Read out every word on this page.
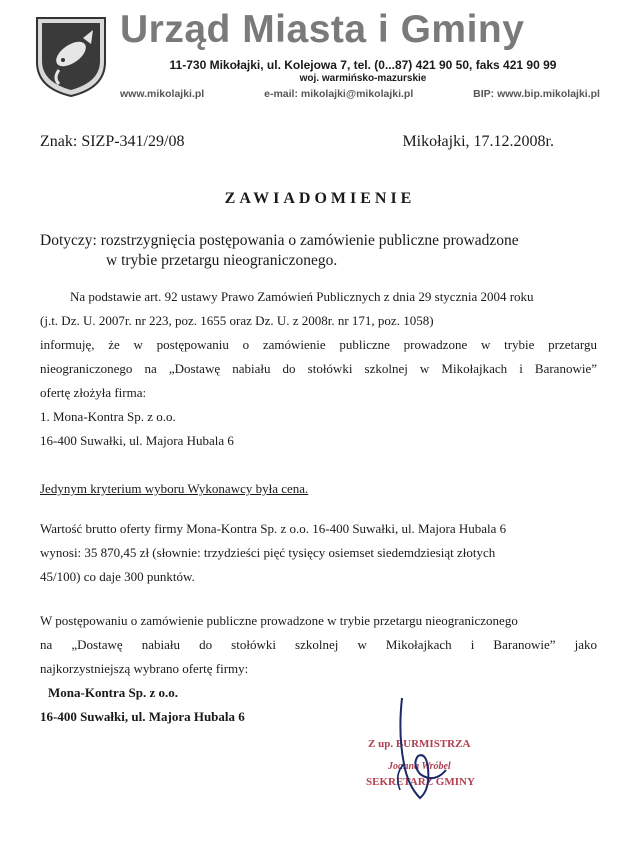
Urząd Miasta i Gminy
11-730 Mikołajki, ul. Kolejowa 7, tel. (0...87) 421 90 50, faks 421 90 99
woj. warmińsko-mazurskie
www.mikolajki.pl	e-mail: mikolajki@mikolajki.pl	BIP: www.bip.mikolajki.pl
Znak: SIZP-341/29/08	Mikołajki, 17.12.2008r.
ZAWIADOMIENIE
Dotyczy: rozstrzygnięcia postępowania o zamówienie publiczne prowadzone
w trybie przetargu nieograniczonego.
Na podstawie art. 92 ustawy Prawo Zamówień Publicznych z dnia 29 stycznia 2004 roku
(j.t. Dz. U. 2007r. nr 223, poz. 1655 oraz Dz. U. z 2008r. nr 171, poz. 1058)
informuję, że w postępowaniu o zamówienie publiczne prowadzone w trybie przetargu
nieograniczonego na „Dostawę nabiału do stołówki szkolnej w Mikołajkach i Baranowie”
ofertę złożyła firma:
1. Mona-Kontra Sp. z o.o.
16-400 Suwałki, ul. Majora Hubala 6
Jedynym kryterium wyboru Wykonawcy była cena.
Wartość brutto oferty firmy Mona-Kontra Sp. z o.o. 16-400 Suwałki, ul. Majora Hubala 6
wynosi: 35 870,45 zł (słownie: trzydzieści pięć tysięcy osiemset siedemdziesiąt złotych
45/100) co daje 300 punktów.
W postępowaniu o zamówienie publiczne prowadzone w trybie przetargu nieograniczonego
na „Dostawę nabiału do stołówki szkolnej w Mikołajkach i Baranowie” jako
najkorzystniejszą wybrano ofertę firmy:
Mona-Kontra Sp. z o.o.
16-400 Suwałki, ul. Majora Hubala 6
Z up. BURMISTRZA
Joanna Wróbel
SEKRETARZ GMINY
